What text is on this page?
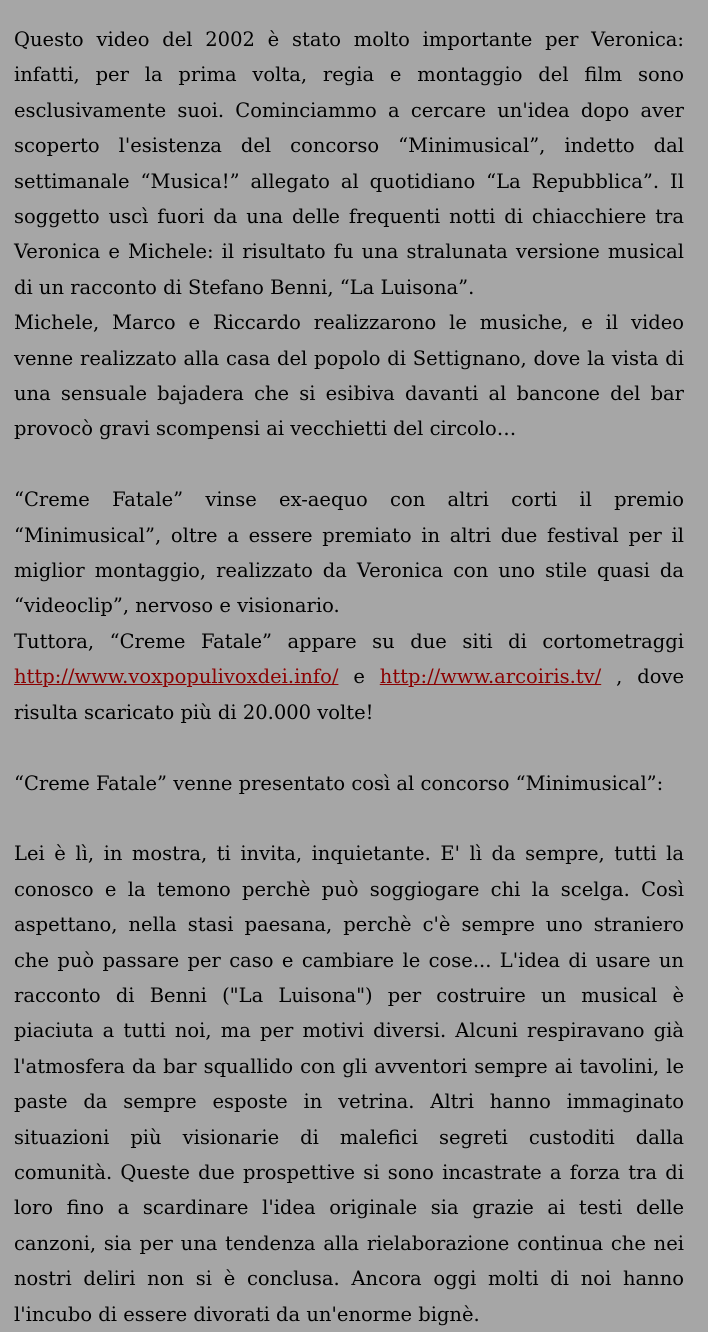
Questo video del 2002 è stato molto importante per Veronica: infatti, per la prima volta, regia e montaggio del film sono esclusivamente suoi. Cominciammo a cercare un'idea dopo aver scoperto l'esistenza del concorso “Minimusical”, indetto dal settimanale “Musica!” allegato al quotidiano “La Repubblica”. Il soggetto uscì fuori da una delle frequenti notti di chiacchiere tra Veronica e Michele: il risultato fu una stralunata versione musical di un racconto di Stefano Benni, “La Luisona”.

Michele, Marco e Riccardo realizzarono le musiche, e il video venne realizzato alla casa del popolo di Settignano, dove la vista di una sensuale bajadera che si esibiva davanti al bancone del bar provocò gravi scompensi ai vecchietti del circolo…

“Creme Fatale” vinse ex-aequo con altri corti il premio “Minimusical”, oltre a essere premiato in altri due festival per il miglior montaggio, realizzato da Veronica con uno stile quasi da “videoclip”, nervoso e visionario.

Tuttora, “Creme Fatale” appare su due siti di cortometraggi

http://www.voxpopulivoxdei.info/ e http://www.arcoiris.tv/ , dove risulta scaricato più di 20.000 volte!

“Creme Fatale” venne presentato così al concorso “Minimusical”:

Lei è lì, in mostra, ti invita, inquietante. E' lì da sempre, tutti la conosco e la temono perchè può soggiogare chi la scelga. Così aspettano, nella stasi paesana, perchè c'è sempre uno straniero che può passare per caso e cambiare le cose... L'idea di usare un racconto di Benni ("La Luisona") per costruire un musical è piaciuta a tutti noi, ma per motivi diversi. Alcuni respiravano già l'atmosfera da bar squallido con gli avventori sempre ai tavolini, le paste da sempre esposte in vetrina. Altri hanno immaginato situazioni più visionarie di malefici segreti custoditi dalla comunità. Queste due prospettive si sono incastrate a forza tra di loro fino a scardinare l'idea originale sia grazie ai testi delle canzoni, sia per una tendenza alla rielaborazione continua che nei nostri deliri non si è conclusa. Ancora oggi molti di noi hanno l'incubo di essere divorati da un'enorme bignè.
